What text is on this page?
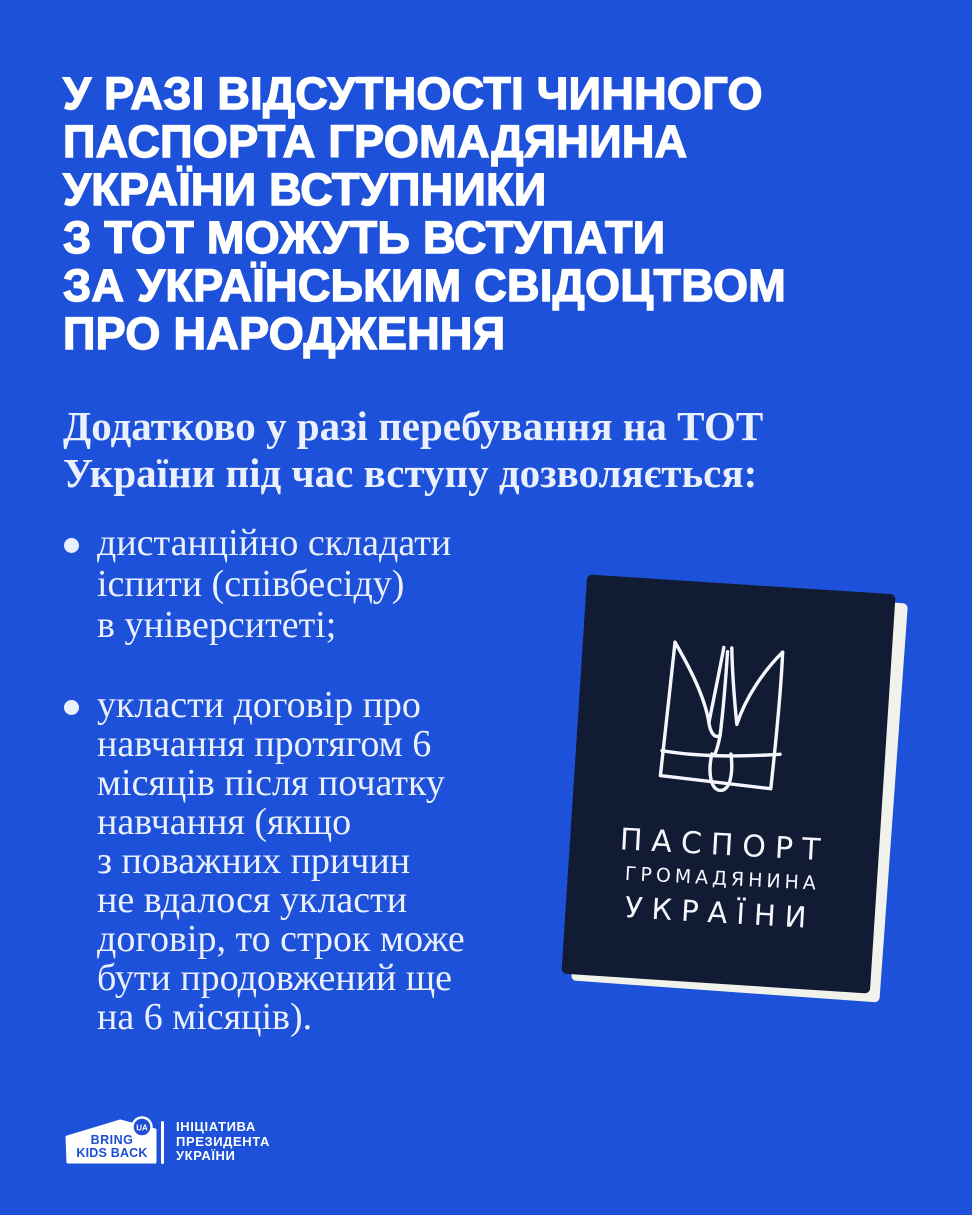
У РАЗІ ВІДСУТНОСТІ ЧИННОГО
ПАСПОРТА ГРОМАДЯНИНА
УКРАЇНИ ВСТУПНИКИ
З ТОТ МОЖУТЬ ВСТУПАТИ
ЗА УКРАЇНСЬКИМ СВІДОЦТВОМ
ПРО НАРОДЖЕННЯ
Додатково у разі перебування на ТОТ
України під час вступу дозволяється:
дистанційно складати
іспити (співбесіду)
в університеті;
укласти договір про
навчання протягом 6
місяців після початку
навчання (якщо
з поважних причин
не вдалося укласти
договір, то строк може
бути продовжений ще
на 6 місяців).
ПАСПОРТ
ГРОМАДЯНИНА
УКРАЇНИ
BRING
KIDS BACK
UA ІНІЦІАТИВА
ПРЕЗИДЕНТА
УКРАЇНИ
